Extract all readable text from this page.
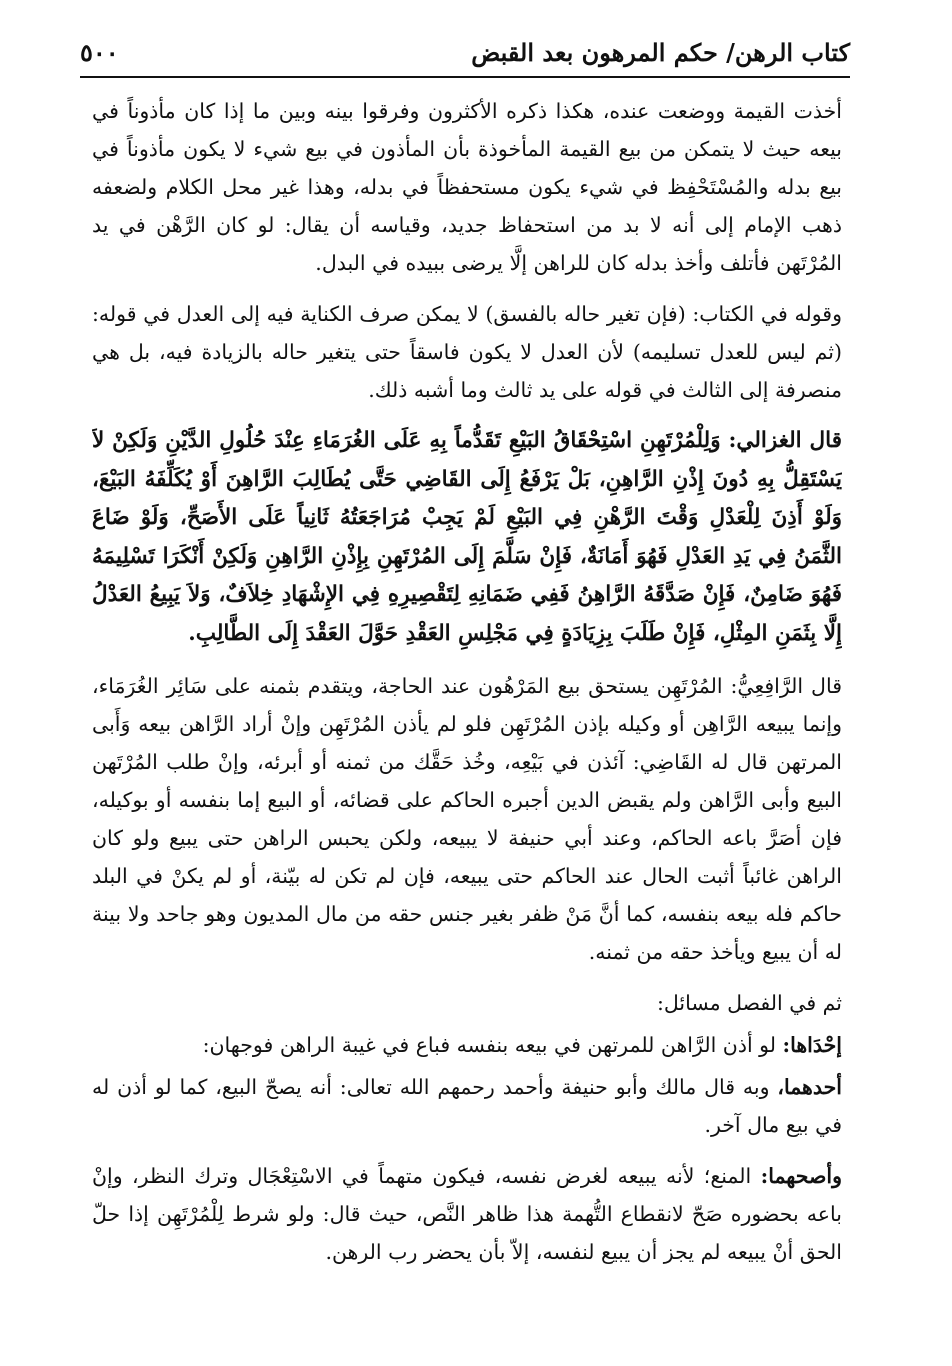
كتاب الرهن/ حكم المرهون بعد القبض
٥٠٠

أخذت القيمة ووضعت عنده، هكذا ذكره الأكثرون وفرقوا بينه وبين ما إذا كان مأذوناً في بيعه حيث لا يتمكن من بيع القيمة المأخوذة بأن المأذون في بيع شيء لا يكون مأذوناً في بيع بدله والمُسْتَحْفِظ في شيء يكون مستحفظاً في بدله، وهذا غير محل الكلام ولضعفه ذهب الإمام إلى أنه لا بد من استحفاظ جديد، وقياسه أن يقال: لو كان الرَّهْن في يد المُرْتَهن فأتلف وأخذ بدله كان للراهن إلَّا يرضى ببيده في البدل.

وقوله في الكتاب: (فإن تغير حاله بالفسق) لا يمكن صرف الكناية فيه إلى العدل في قوله: (ثم ليس للعدل تسليمه) لأن العدل لا يكون فاسقاً حتى يتغير حاله بالزيادة فيه، بل هي منصرفة إلى الثالث في قوله على يد ثالث وما أشبه ذلك.

قال الغزالي: وَلِلْمُرْتَهِنِ اسْتِحْقَاقُ البَيْعِ تَقَدُّماً بِهِ عَلَى الغُرَمَاءِ عِنْدَ حُلُولِ الدَّيْنِ وَلَكِنْ لاَ يَسْتَقِلُّ بِهِ دُونَ إِذْنِ الرَّاهِنِ، بَلْ يَرْفَعُ إِلَى القَاضِي حَتَّى يُطَالِبَ الرَّاهِنَ أَوْ يُكَلِّفَهُ البَيْعَ، وَلَوْ أَذِنَ لِلْعَدْلِ وَقْتَ الرَّهْنِ فِي البَيْعِ لَمْ يَجِبْ مُرَاجَعَتُهُ ثَانِياً عَلَى الأَصَحِّ، وَلَوْ ضَاعَ الثَّمَنُ فِي يَدِ العَدْلِ فَهُوَ أَمَانَةٌ، فَإِنْ سَلَّمَ إِلَى المُرْتَهِنِ بِإِذْنِ الرَّاهِنِ وَلَكِنْ أَنْكَرَا تَسْلِيمَهُ فَهُوَ ضَامِنٌ، فَإِنْ صَدَّقَهُ الرَّاهِنُ فَفِي ضَمَانِهِ لِتَقْصِيرِهِ فِي الإِشْهَادِ خِلاَفٌ، وَلاَ يَبِيعُ العَدْلُ إِلَّا بِثَمَنِ المِثْلِ، فَإِنْ طَلَبَ بِزِيَادَةٍ فِي مَجْلِسِ العَقْدِ حَوَّلَ العَقْدَ إِلَى الطَّالِبِ.

قال الرَّافِعِيُّ: المُرْتَهِن يستحق بيع المَرْهُون عند الحاجة، ويتقدم بثمنه على سَائِر الغُرَمَاء، وإنما يبيعه الرَّاهِن أو وكيله بإذن المُرْتَهِن فلو لم يأذن المُرْتَهِن وإنْ أراد الرَّاهن بيعه وَأَبى المرتهن قال له القَاضِي: آئذن في بَيْعِه، وخُذ حَقَّك من ثمنه أو أبرئه، وإنْ طلب المُرْتَهن البيع وأبى الرَّاهن ولم يقبض الدين أجبره الحاكم على قضائه، أو البيع إما بنفسه أو بوكيله، فإن أصَرَّ باعه الحاكم، وعند أبي حنيفة لا يبيعه، ولكن يحبس الراهن حتى يبيع ولو كان الراهن غائباً أثبت الحال عند الحاكم حتى يبيعه، فإن لم تكن له بيّنة، أو لم يكنْ في البلد حاكم فله بيعه بنفسه، كما أنَّ مَنْ ظفر بغير جنس حقه من مال المديون وهو جاحد ولا بينة له أن يبيع ويأخذ حقه من ثمنه.

ثم في الفصل مسائل:

إحْدَاها: لو أذن الرَّاهن للمرتهن في بيعه بنفسه فباع في غيبة الراهن فوجهان:

أحدهما، وبه قال مالك وأبو حنيفة وأحمد رحمهم الله تعالى: أنه يصحّ البيع، كما لو أذن له في بيع مال آخر.

وأصحهما: المنع؛ لأنه يبيعه لغرض نفسه، فيكون متهماً في الاسْتِعْجَال وترك النظر، وإنْ باعه بحضوره صَحّ لانقطاع التُّهمة هذا ظاهر النَّص، حيث قال: ولو شرط لِلْمُرْتَهِن إذا حلّ الحق أنْ يبيعه لم يجز أن يبيع لنفسه، إلاّ بأن يحضر رب الرهن.
